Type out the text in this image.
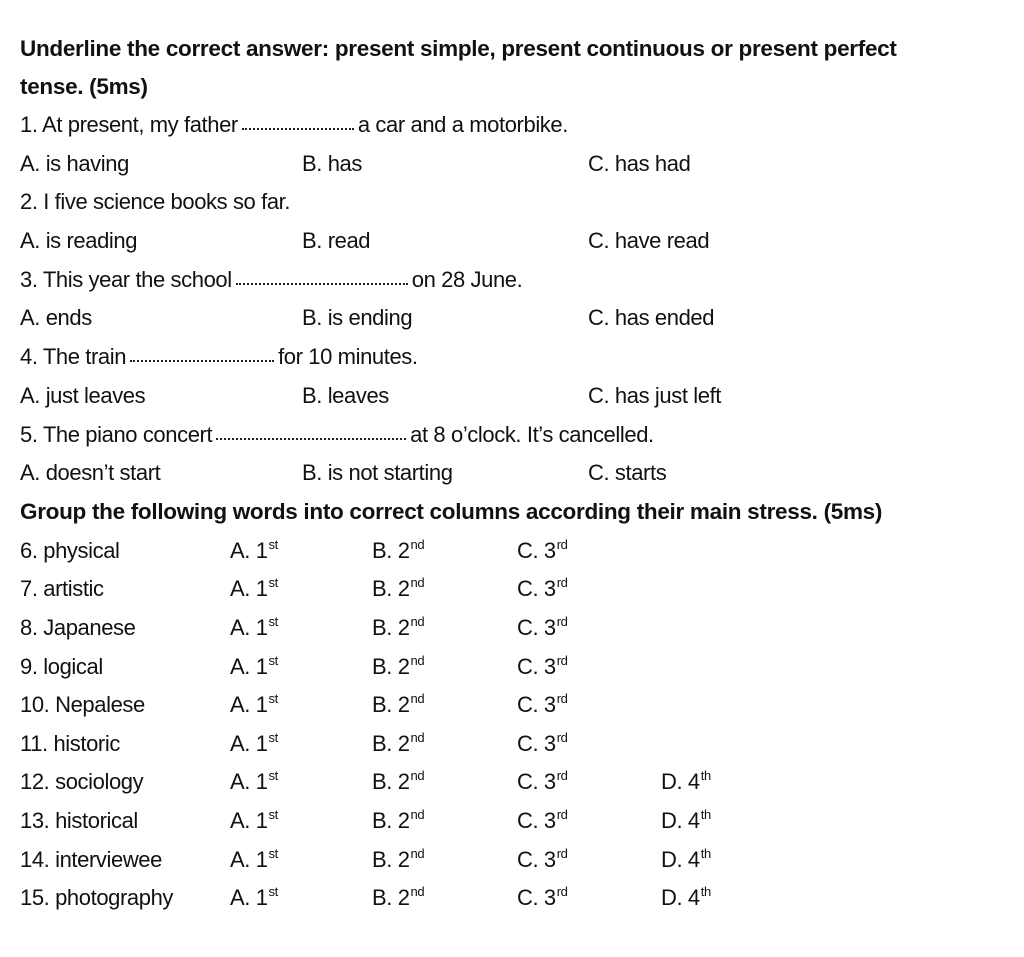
Underline the correct answer: present simple, present continuous or present perfect
tense. (5ms)
1. At present, my father	a car and a motorbike.
A. is having	B. has	C. has had
2. I five science books so far.
A. is reading	B. read	C. have read
3. This year the school	on 28 June.
A. ends	B. is ending	C. has ended
4. The train	for 10 minutes.
A. just leaves	B. leaves	C. has just left
5. The piano concert	at 8 o’clock. It’s cancelled.
A. doesn’t start	B. is not starting	C. starts
Group the following words into correct columns according their main stress. (5ms)
6. physical	A. 1st	B. 2nd	C. 3rd
7. artistic	A. 1st	B. 2nd	C. 3rd
8. Japanese	A. 1st	B. 2nd	C. 3rd
9. logical	A. 1st	B. 2nd	C. 3rd
10. Nepalese	A. 1st	B. 2nd	C. 3rd
11. historic	A. 1st	B. 2nd	C. 3rd
12. sociology	A. 1st	B. 2nd	C. 3rd	D. 4th
13. historical	A. 1st	B. 2nd	C. 3rd	D. 4th
14. interviewee	A. 1st	B. 2nd	C. 3rd	D. 4th
15. photography	A. 1st	B. 2nd	C. 3rd	D. 4th
